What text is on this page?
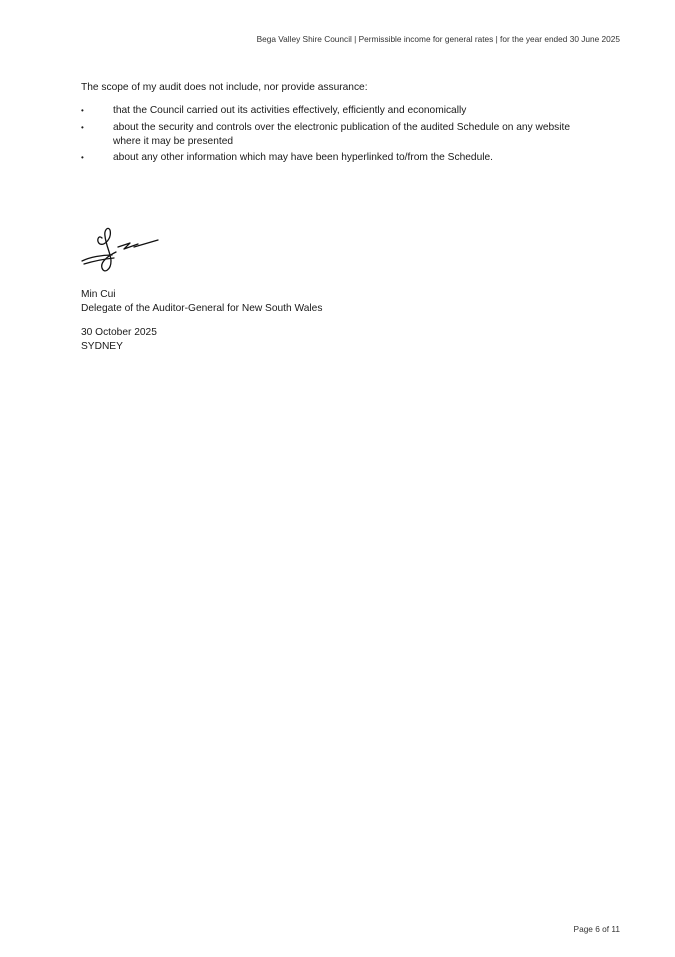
Bega Valley Shire Council | Permissible income for general rates | for the year ended 30 June 2025

The scope of my audit does not include, nor provide assurance:

•	that the Council carried out its activities effectively, efficiently and economically
•	about the security and controls over the electronic publication of the audited Schedule on any website where it may be presented
•	about any other information which may have been hyperlinked to/from the Schedule.

Min Cui

Delegate of the Auditor-General for New South Wales

30 October 2025

SYDNEY

Page 6 of 11
